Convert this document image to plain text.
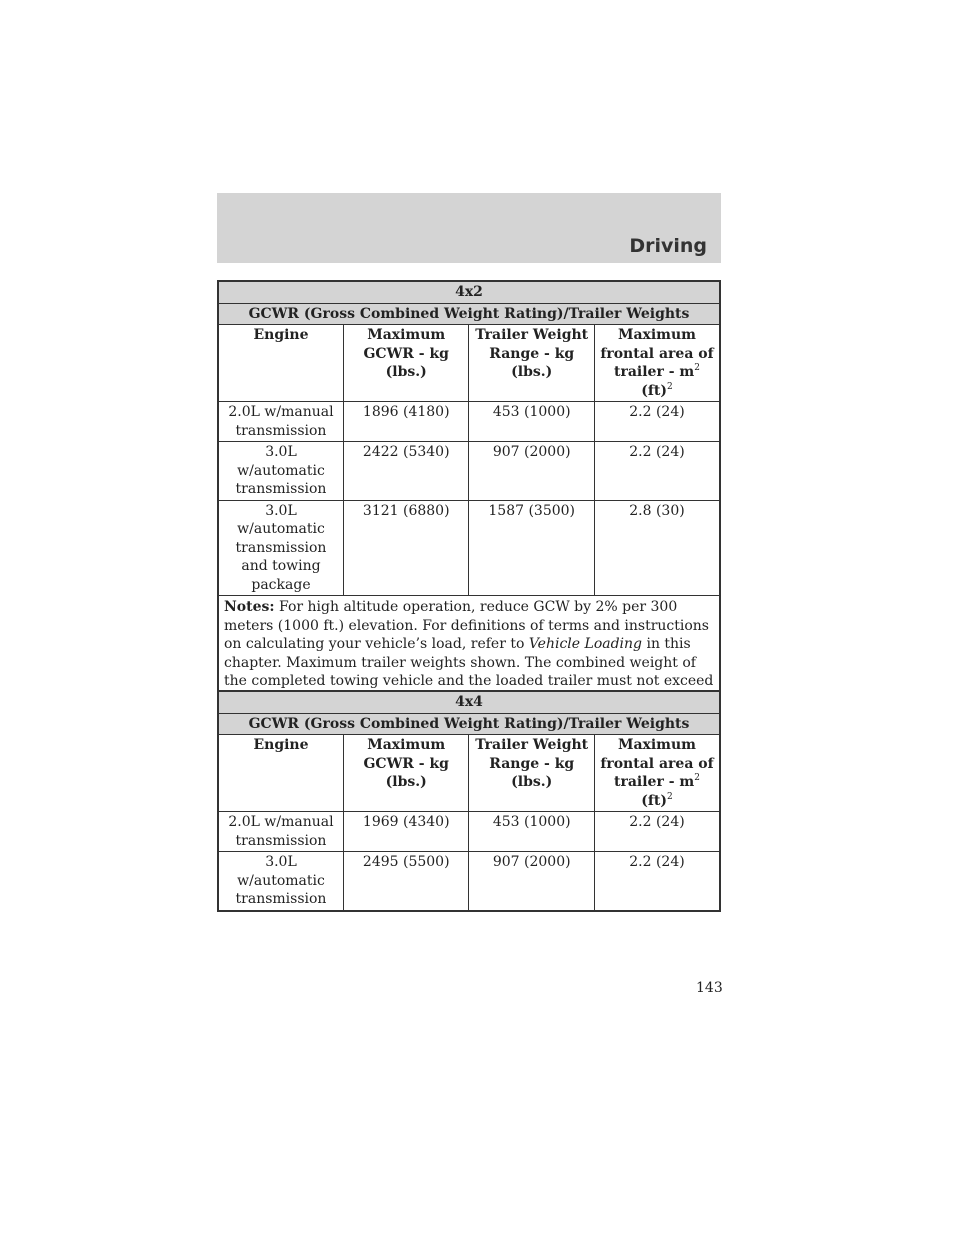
Driving
4x2			
GCWR (Gross Combined Weight Rating)/Trailer Weights			
Engine	Maximum GCWR - kg (lbs.)	Trailer Weight Range - kg (lbs.)	Maximum frontal area of trailer - $m^2$
(ft)$^2$
2.0L w/manual transmission	1896 (4180)	453 (1000)	2.2 (24)
3.0L w/automatic transmission	2422 (5340)	907 (2000)	2.2 (24)
3.0L w/automatic transmission and towing package	3121 (6880)	1587 (3500)	2.8 (30)
Notes: For high altitude operation, reduce GCW by 2% per 300 meters (1000 ft.) elevation. For definitions of terms and instructions on calculating your vehicle’s load, refer to Vehicle Loading in this chapter. Maximum trailer weights shown. The combined weight of the completed towing vehicle and the loaded trailer must not exceed			
4x4			
GCWR (Gross Combined Weight Rating)/Trailer Weights			
Engine	Maximum GCWR - kg (lbs.)	Trailer Weight Range - kg (lbs.)	Maximum frontal area of trailer - $m^2$
(ft)$^2$
2.0L w/manual transmission	1969 (4340)	453 (1000)	2.2 (24)
3.0L w/automatic transmission	2495 (5500)	907 (2000)	2.2 (24)

143
